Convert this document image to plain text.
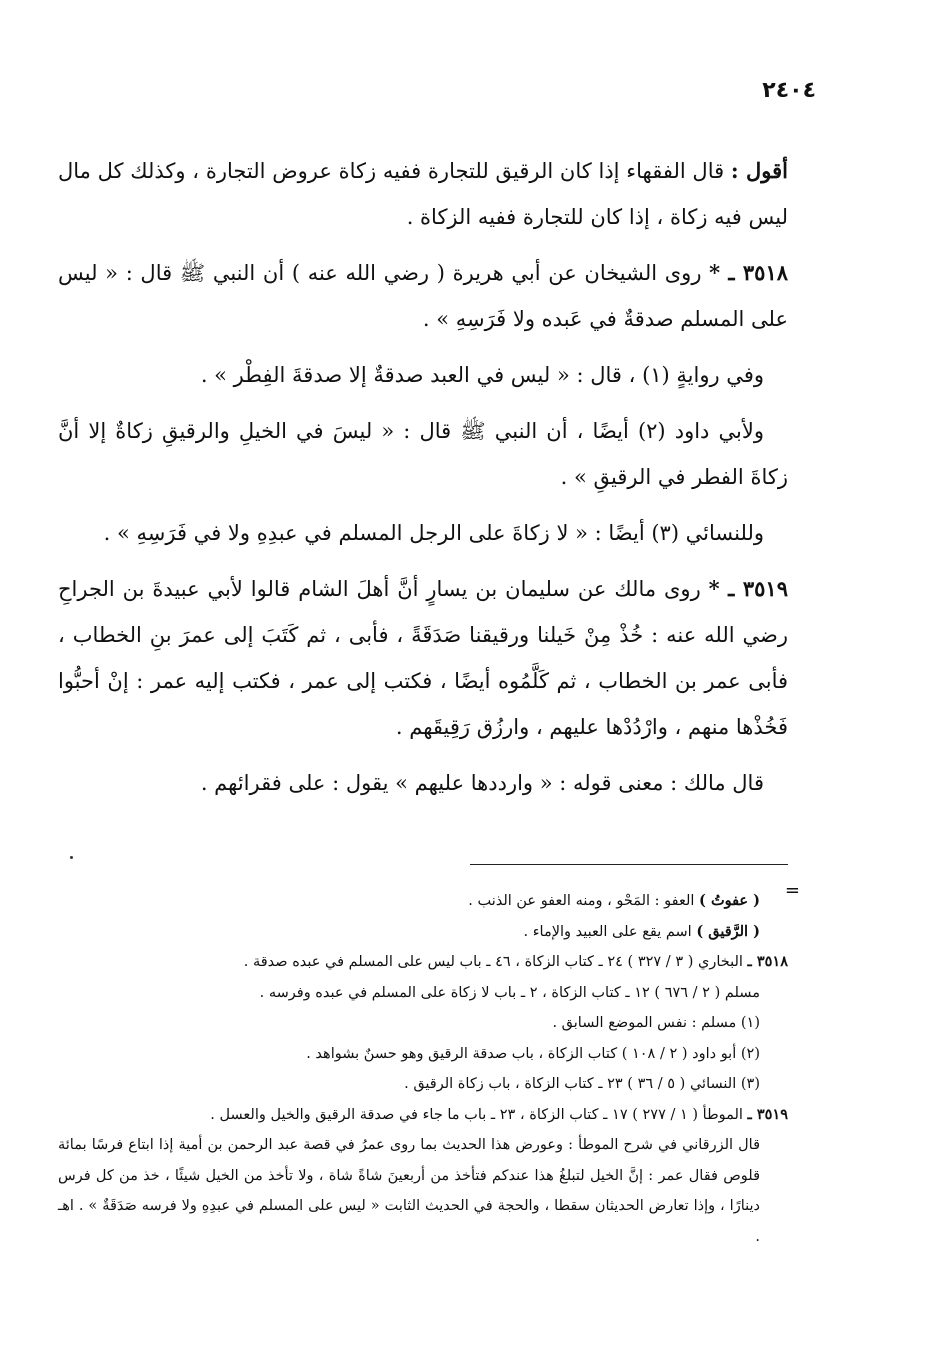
٢٤٠٤

أقول : قال الفقهاء إذا كان الرقيق للتجارة ففيه زكاة عروض التجارة ، وكذلك كل مال ليس فيه زكاة ، إذا كان للتجارة ففيه الزكاة .

٣٥١٨ ـ * روى الشيخان عن أبي هريرة ( رضي الله عنه ) أن النبي ﷺ قال : « ليس على المسلم صدقةٌ في عَبده ولا فَرَسِهِ » .

وفي روايةٍ (١) ، قال : « ليس في العبد صدقةٌ إلا صدقةَ الفِطْر » .

ولأبي داود (٢) أيضًا ، أن النبي ﷺ قال : « ليسَ في الخيلِ والرقيقِ زكاةٌ إلا أنَّ زكاةَ الفطر في الرقيقِ » .

وللنسائي (٣) أيضًا : « لا زكاةَ على الرجل المسلم في عبدِهِ ولا في فَرَسِهِ » .

٣٥١٩ ـ * روى مالك عن سليمان بن يسارٍ أنَّ أهلَ الشام قالوا لأبي عبيدةَ بن الجراحِ رضي الله عنه : خُذْ مِنْ خَيلنا ورقيقنا صَدَقَةً ، فأبى ، ثم كَتَبَ إلى عمرَ بنِ الخطاب ، فأبى عمر بن الخطاب ، ثم كَلَّمُوه أيضًا ، فكتب إلى عمر ، فكتب إليه عمر : إنْ أحبُّوا فَخُذْها منهم ، وارْدُدْها عليهم ، وارزُق رَقِيقَهم .

قال مالك : معنى قوله : « وارددها عليهم » يقول : على فقرائهم .

=

( عفوتُ ) العفو : المَحْو ، ومنه العفو عن الذنب .

( الرَّقيق ) اسم يقع على العبيد والإماء .

٣٥١٨ ـ البخاري ( ٣ / ٣٢٧ ) ٢٤ ـ كتاب الزكاة ، ٤٦ ـ باب ليس على المسلم في عبده صدقة .

مسلم ( ٢ / ٦٧٦ ) ١٢ ـ كتاب الزكاة ، ٢ ـ باب لا زكاة على المسلم في عبده وفرسه .

(١) مسلم : نفس الموضع السابق .

(٢) أبو داود ( ٢ / ١٠٨ ) كتاب الزكاة ، باب صدقة الرقيق وهو حسنٌ بشواهد .

(٣) النسائي ( ٥ / ٣٦ ) ٢٣ ـ كتاب الزكاة ، باب زكاة الرقيق .

٣٥١٩ ـ الموطأ ( ١ / ٢٧٧ ) ١٧ ـ كتاب الزكاة ، ٢٣ ـ باب ما جاء في صدقة الرقيق والخيل والعسل .

قال الزرقاني في شرح الموطأ : وعورض هذا الحديث بما روى عمرُ في قصة عبد الرحمن بن أمية إذا ابتاع فرسًا بمائة قلوص فقال عمر : إنَّ الخيل لتبلغُ هذا عندكم فتأخذ من أربعينَ شاةً شاة ، ولا تأخذ من الخيل شيئًا ، خذ من كل فرس دينارًا ، وإذا تعارض الحديثان سقطا ، والحجة في الحديث الثابت « ليس على المسلم في عبدِهِ ولا فرسه صَدَقَةٌ » . اهـ .
